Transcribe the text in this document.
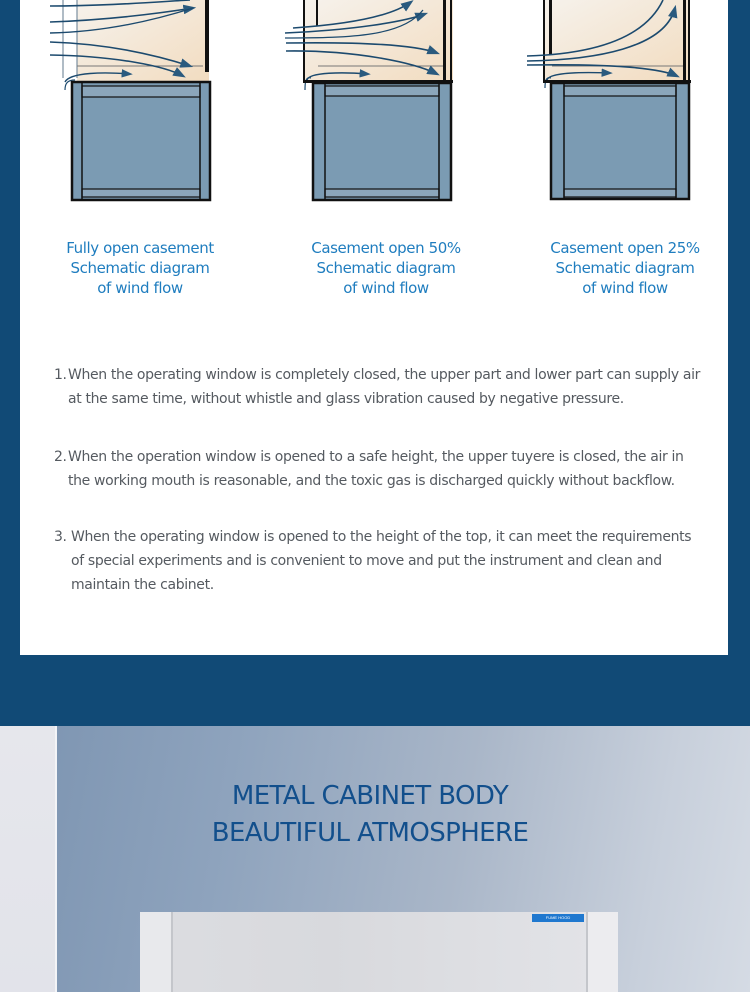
Fully open casement
Schematic diagram
of wind flow
Casement open 50%
Schematic diagram
of wind flow
Casement open 25%
Schematic diagram
of wind flow
1. When the operating window is completely closed, the upper part and lower part can supply air at the same time, without whistle and glass vibration caused by negative pressure.
2. When the operation window is opened to a safe height, the upper tuyere is closed, the air in the working mouth is reasonable, and the toxic gas is discharged quickly without backflow.
3. When the operating window is opened to the height of the top, it can meet the requirements of special experiments and is convenient to move and put the instrument and clean and maintain the cabinet.
METAL CABINET BODY
BEAUTIFUL ATMOSPHERE
FUME HOOD
